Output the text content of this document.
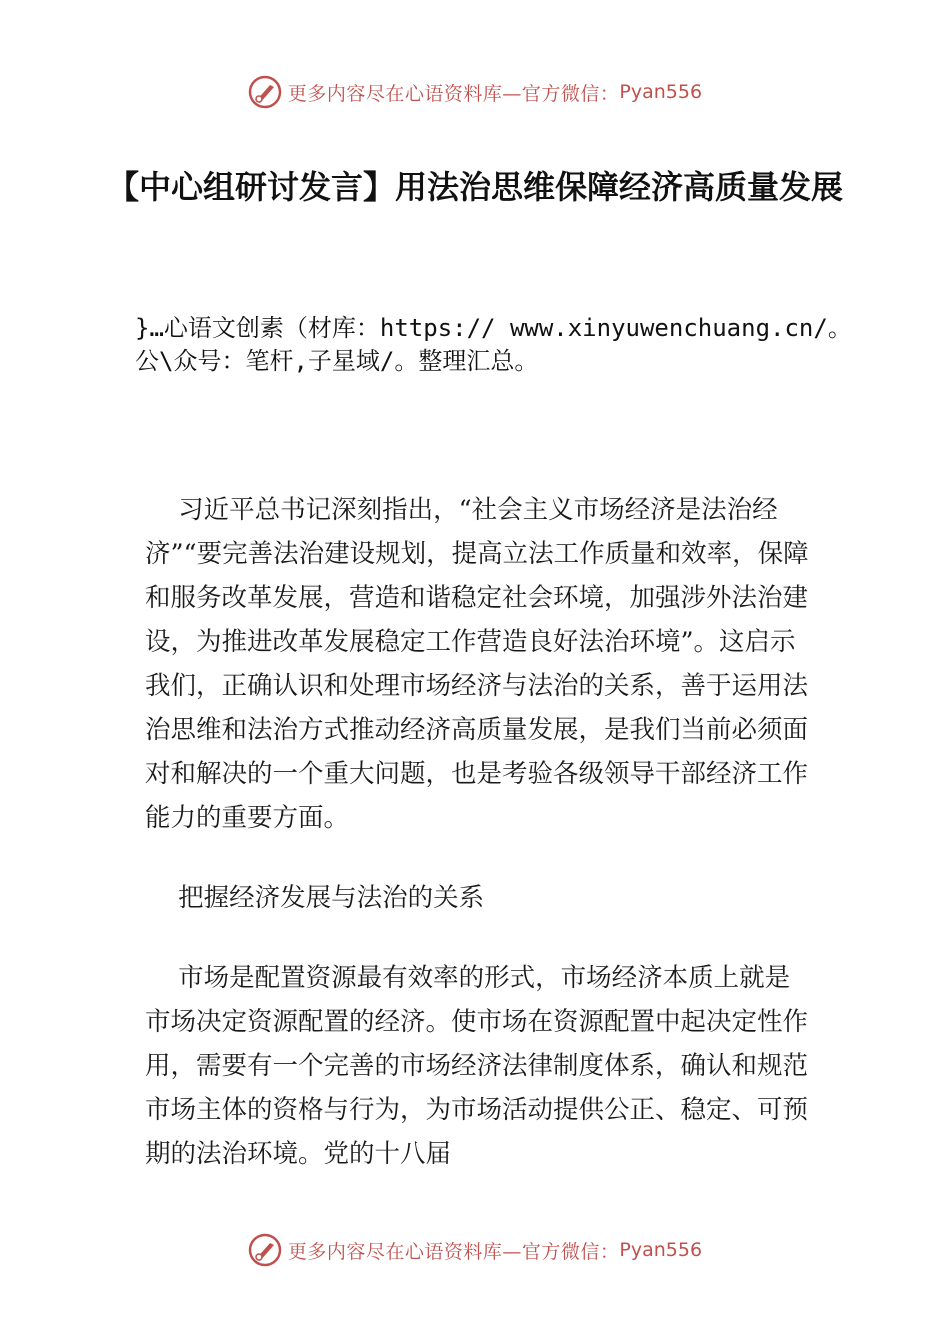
更多内容尽在心语资料库—官方微信： Pyan556
【中心组研讨发言】用法治思维保障经济高质量发展
}…心语文创素（材库：https:// www.xinyuwenchuang.cn/。公\众号：笔杆,子星域/。整理汇总。

习近平总书记深刻指出，“社会主义市场经济是法治经济”“要完善法治建设规划，提高立法工作质量和效率，保障和服务改革发展，营造和谐稳定社会环境，加强涉外法治建设，为推进改革发展稳定工作营造良好法治环境”。这启示我们，正确认识和处理市场经济与法治的关系，善于运用法治思维和法治方式推动经济高质量发展，是我们当前必须面对和解决的一个重大问题，也是考验各级领导干部经济工作能力的重要方面。

把握经济发展与法治的关系

市场是配置资源最有效率的形式，市场经济本质上就是市场决定资源配置的经济。使市场在资源配置中起决定性作用，需要有一个完善的市场经济法律制度体系，确认和规范市场主体的资格与行为，为市场活动提供公正、稳定、可预期的法治环境。党的十八届

更多内容尽在心语资料库—官方微信： Pyan556
